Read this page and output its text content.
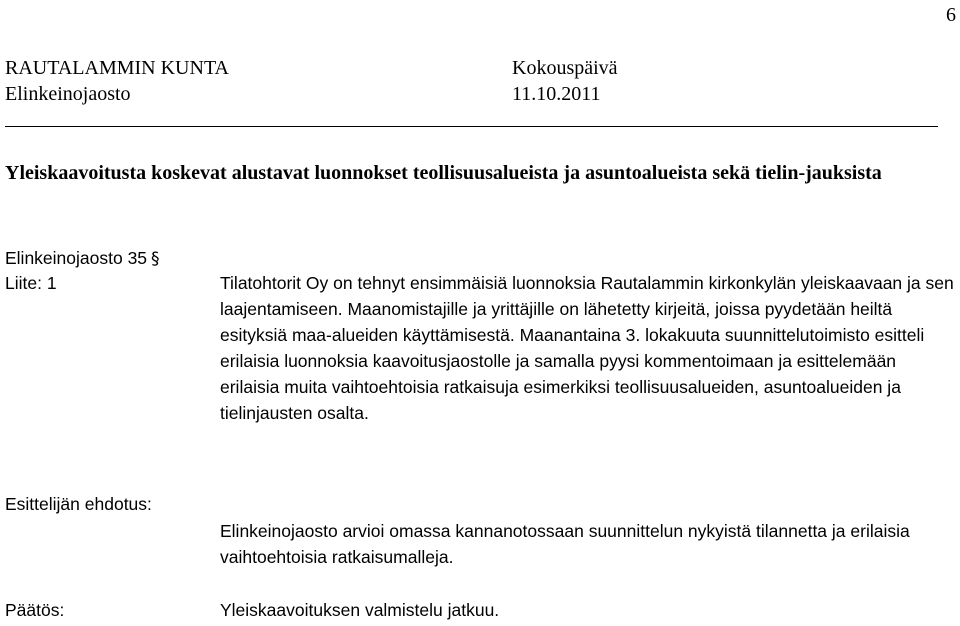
6
RAUTALAMMIN KUNTA
Elinkeinojaosto
Kokouspäivä
11.10.2011
Yleiskaavoitusta koskevat alustavat luonnokset teollisuusalueista ja asuntoalueista sekä tielin-jauksista
Elinkeinojaosto 35 §
Liite: 1	Tilatohtorit Oy on tehnyt ensimmäisiä luonnoksia Rautalammin kirkonkylän yleiskaavaan ja sen laajentamiseen. Maanomistajille ja yrittäjille on lähetetty kirjeitä, joissa pyydetään heiltä esityksiä maa-alueiden käyttämisestä. Maanantaina 3. lokakuuta suunnittelutoimisto esitteli erilaisia luonnoksia kaavoitusjaostolle ja samalla pyysi kommentoimaan ja esittelemään erilaisia muita vaihtoehtoisia ratkaisuja esimerkiksi teollisuusalueiden, asuntoalueiden ja tielinjausten osalta.
Esittelijän ehdotus:
Elinkeinojaosto arvioi omassa kannanotossaan suunnittelun nykyistä tilannetta ja erilaisia vaihtoehtoisia ratkaisumalleja.
Päätös:	Yleiskaavoituksen valmistelu jatkuu.
